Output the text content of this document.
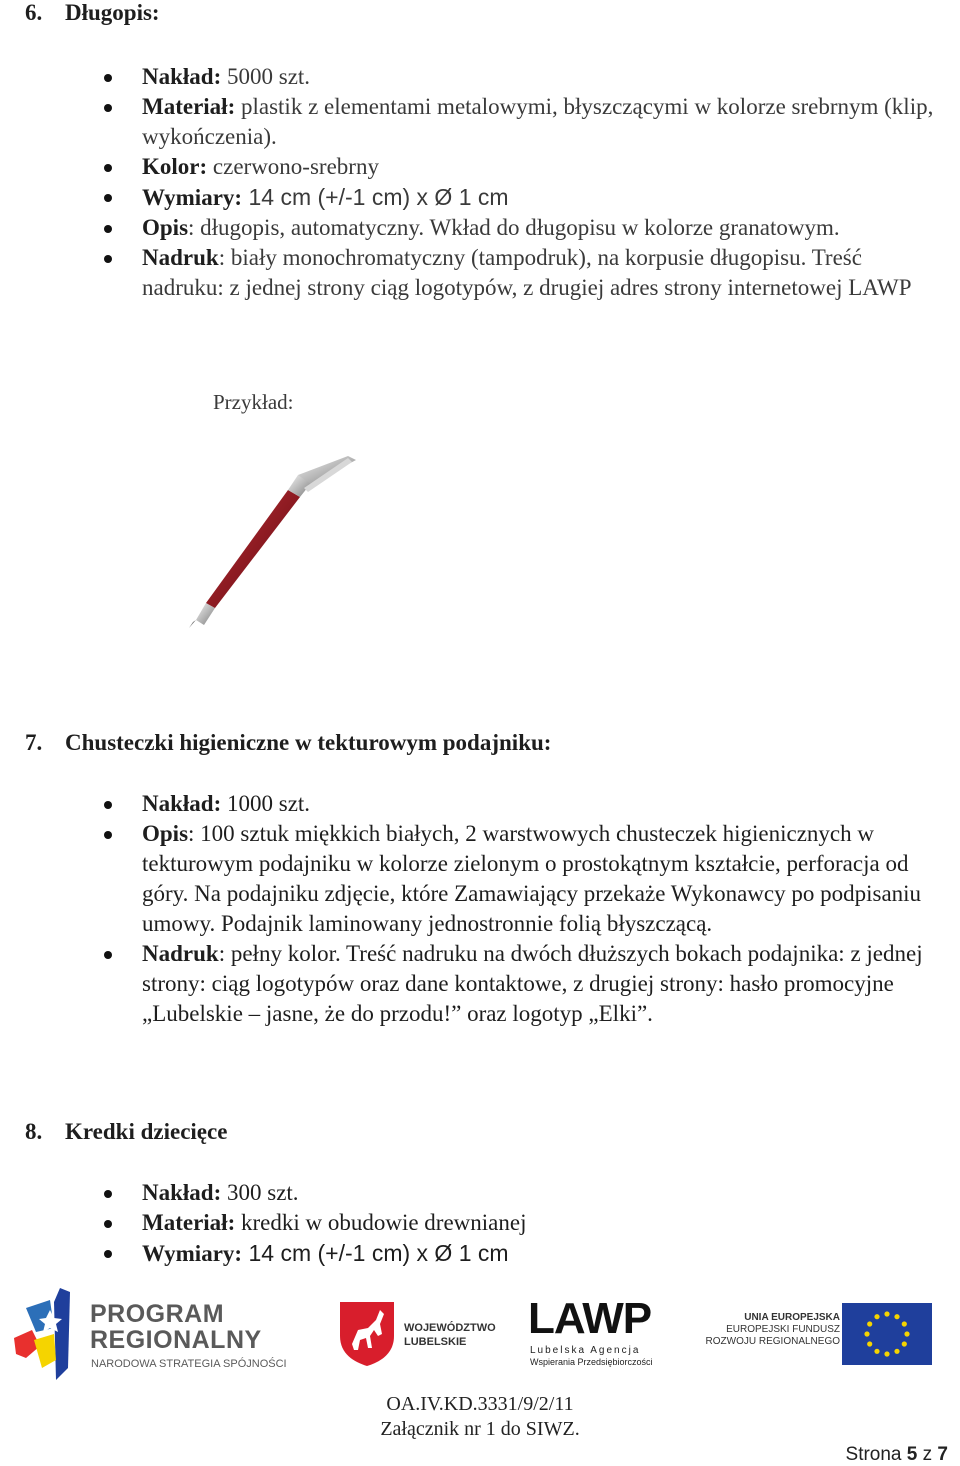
6. Długopis:
Nakład: 5000 szt.
Materiał: plastik z elementami metalowymi, błyszczącymi w kolorze srebrnym (klip, wykończenia).
Kolor: czerwono-srebrny
Wymiary: 14 cm (+/-1 cm) x Ø 1 cm
Opis: długopis, automatyczny. Wkład do długopisu w kolorze granatowym.
Nadruk: biały monochromatyczny (tampodruk), na korpusie długopisu. Treść nadruku: z jednej strony ciąg logotypów, z drugiej adres strony internetowej LAWP
Przykład:
7. Chusteczki higieniczne w tekturowym podajniku:
Nakład: 1000 szt.
Opis: 100 sztuk miękkich białych, 2 warstwowych chusteczek higienicznych w tekturowym podajniku w kolorze zielonym o prostokątnym kształcie, perforacja od góry. Na podajniku zdjęcie, które Zamawiający przekaże Wykonawcy po podpisaniu umowy. Podajnik laminowany jednostronnie folią błyszczącą.
Nadruk: pełny kolor. Treść nadruku na dwóch dłuższych bokach podajnika: z jednej strony: ciąg logotypów oraz dane kontaktowe, z drugiej strony: hasło promocyjne „Lubelskie – jasne, że do przodu!” oraz logotyp „Elki”.
8. Kredki dziecięce
Nakład: 300 szt.
Materiał: kredki w obudowie drewnianej
Wymiary: 14 cm (+/-1 cm) x Ø 1 cm
PROGRAM
REGIONALNY
NARODOWA STRATEGIA SPÓJNOŚCI
WOJEWÓDZTWO
LUBELSKIE LAWP
Lubelska Agencja
Wspierania Przedsiębiorczości
UNIA EUROPEJSKA
EUROPEJSKI FUNDUSZ
ROZWOJU REGIONALNEGO
OA.IV.KD.3331/9/2/11
Załącznik nr 1 do SIWZ.
Strona 5 z 7
